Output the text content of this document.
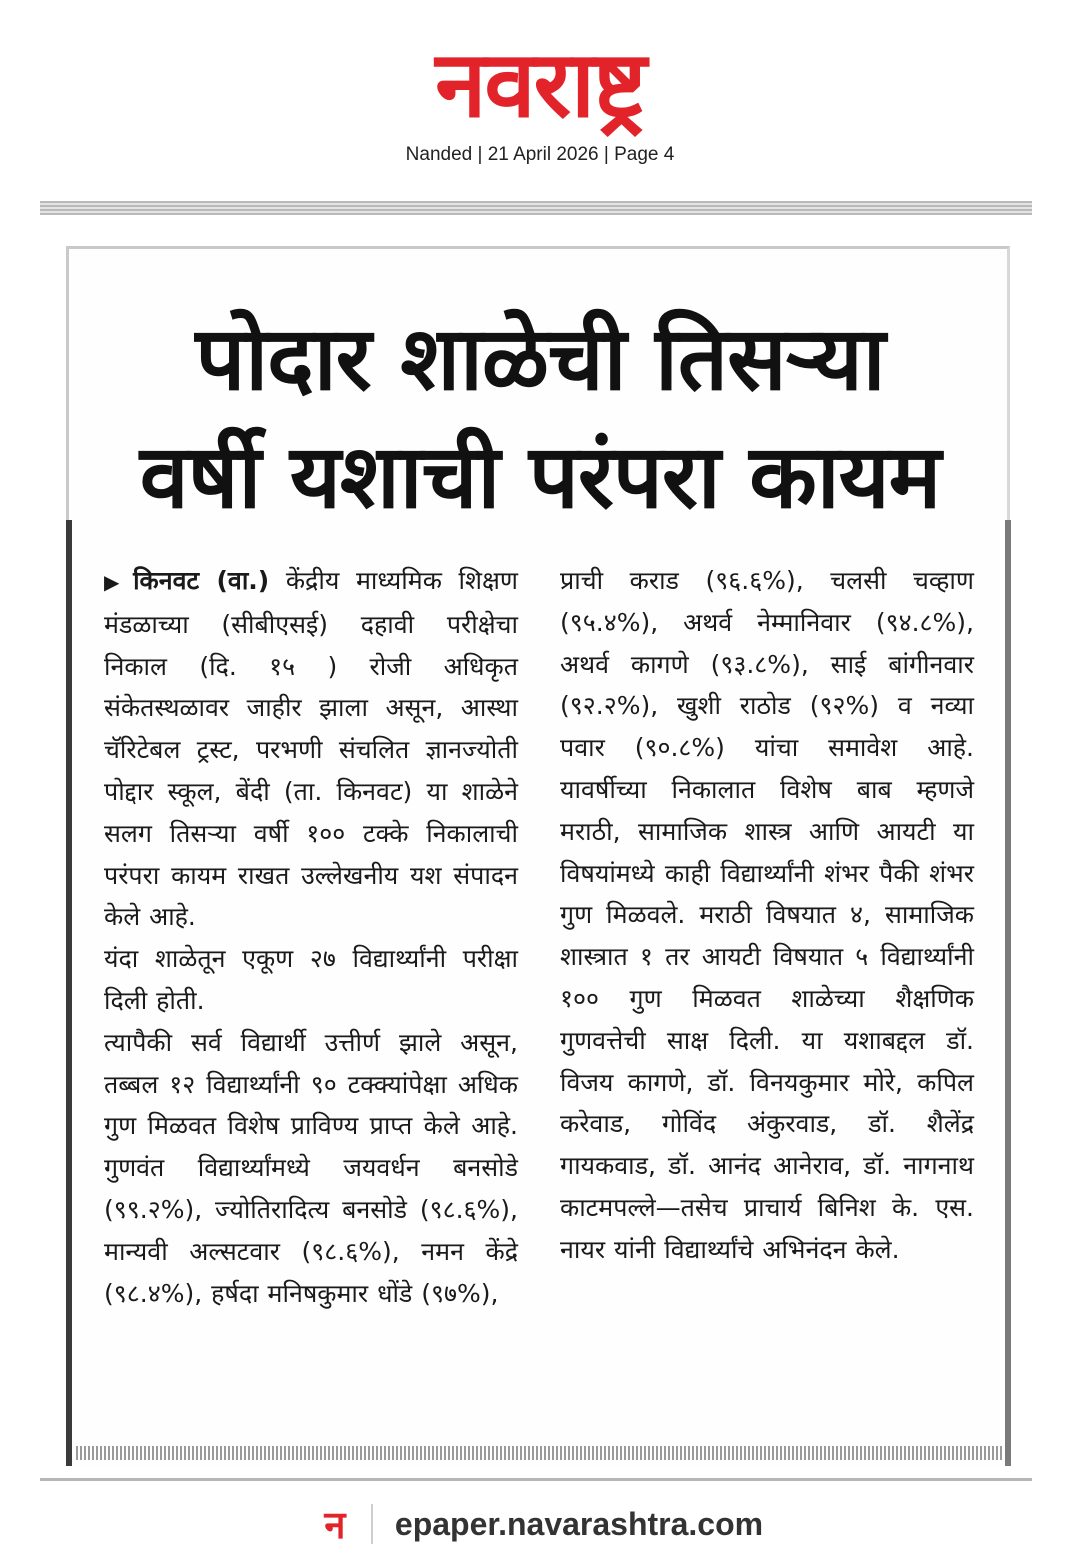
नवराष्ट्र
Nanded | 21 April 2026 | Page 4
पोदार शाळेची तिसऱ्या
वर्षी यशाची परंपरा कायम

▶ किनवट (वा.) केंद्रीय माध्यमिक शिक्षण मंडळाच्या (सीबीएसई) दहावी परीक्षेचा निकाल (दि. १५ ) रोजी अधिकृत संकेतस्थळावर जाहीर झाला असून, आस्था चॅरिटेबल ट्रस्ट, परभणी संचलित ज्ञानज्योती पोद्दार स्कूल, बेंदी (ता. किनवट) या शाळेने सलग तिसऱ्या वर्षी १०० टक्के निकालाची परंपरा कायम राखत उल्लेखनीय यश संपादन केले आहे.

यंदा शाळेतून एकूण २७ विद्यार्थ्यांनी परीक्षा दिली होती.

त्यापैकी सर्व विद्यार्थी उत्तीर्ण झाले असून, तब्बल १२ विद्यार्थ्यांनी ९० टक्क्यांपेक्षा अधिक गुण मिळवत विशेष प्राविण्य प्राप्त केले आहे. गुणवंत विद्यार्थ्यांमध्ये जयवर्धन बनसोडे (९९.२%), ज्योतिरादित्य बनसोडे (९८.६%), मान्यवी अल्सटवार (९८.६%), नमन केंद्रे (९८.४%), हर्षदा मनिषकुमार धोंडे (९७%),

प्राची कराड (९६.६%), चलसी चव्हाण (९५.४%), अथर्व नेम्मानिवार (९४.८%), अथर्व कागणे (९३.८%), साई बांगीनवार (९२.२%), खुशी राठोड (९२%) व नव्या पवार (९०.८%) यांचा समावेश आहे. यावर्षीच्या निकालात विशेष बाब म्हणजे मराठी, सामाजिक शास्त्र आणि आयटी या विषयांमध्ये काही विद्यार्थ्यांनी शंभर पैकी शंभर गुण मिळवले. मराठी विषयात ४, सामाजिक शास्त्रात १ तर आयटी विषयात ५ विद्यार्थ्यांनी १०० गुण मिळवत शाळेच्या शैक्षणिक गुणवत्तेची साक्ष दिली. या यशाबद्दल डॉ. विजय कागणे, डॉ. विनयकुमार मोरे, कपिल करेवाड, गोविंद अंकुरवाड, डॉ. शैलेंद्र गायकवाड, डॉ. आनंद आनेराव, डॉ. नागनाथ काटमपल्ले—तसेच प्राचार्य बिनिश के. एस. नायर यांनी विद्यार्थ्यांचे अभिनंदन केले.

न epaper.navarashtra.com
